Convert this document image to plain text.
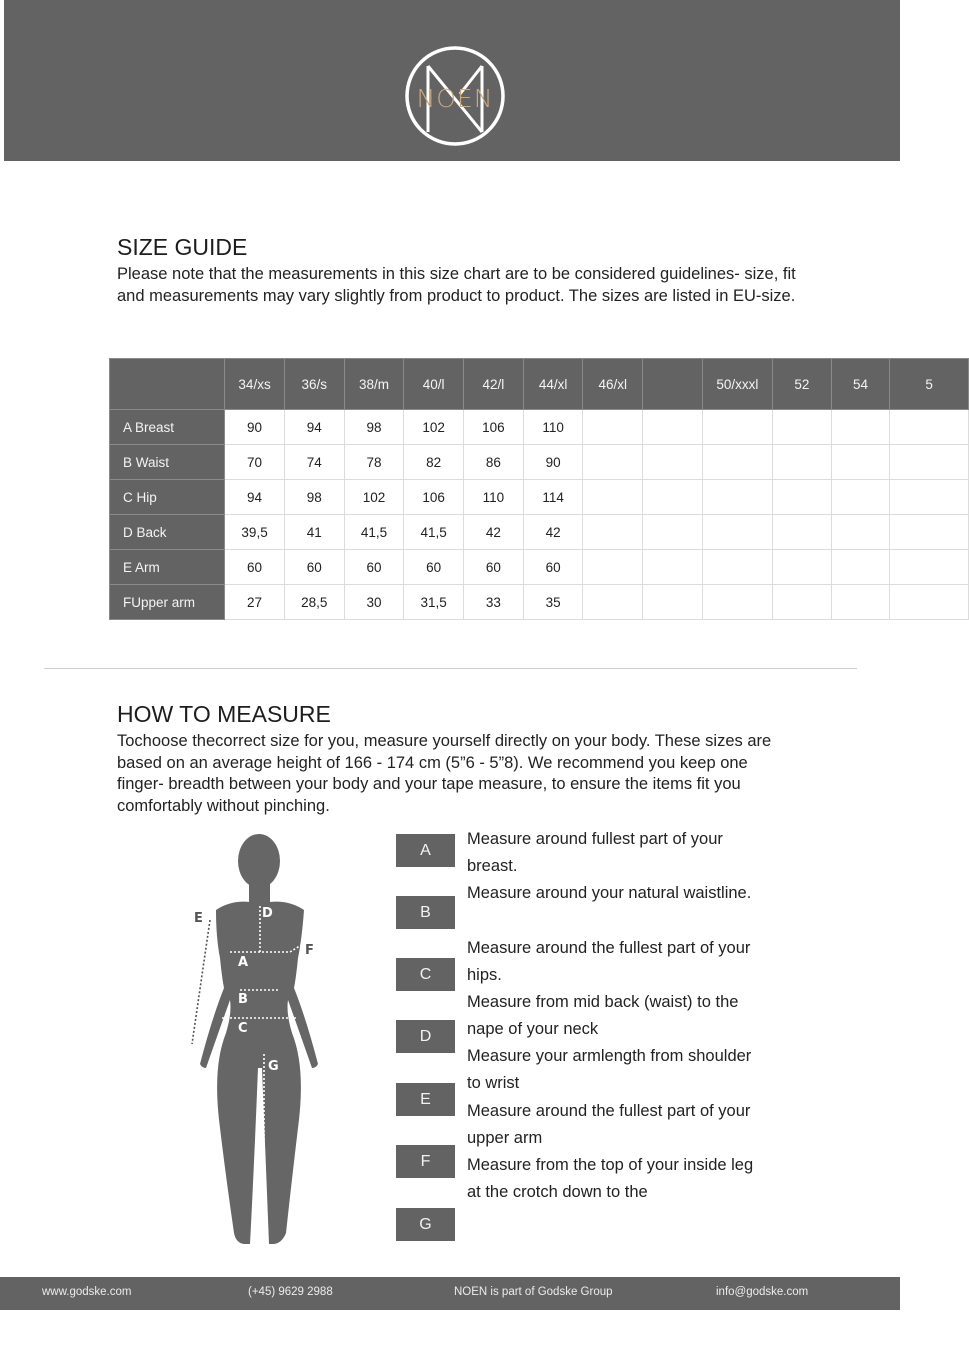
NOEN
SIZE GUIDE

Please note that the measurements in this size chart are to be considered guidelines- size, fit and measurements may vary slightly from product to product. The sizes are listed in EU-size.

	34/xs	36/s	38/m	40/l	42/l	44/xl	46/xl		50/xxxl	52	54	5
A Breast	90	94	98	102	106	110						
B Waist	70	74	78	82	86	90						
C Hip	94	98	102	106	110	114						
D Back	39,5	41	41,5	41,5	42	42						
E Arm	60	60	60	60	60	60						
FUpper arm	27	28,5	30	31,5	33	35						
HOW TO MEASURE

Tochoose thecorrect size for you, measure yourself directly on your body. These sizes are based on an average height of 166 - 174 cm (5”6 - 5”8). We recommend you keep one finger- breadth between your body and your tape measure, to ensure the items fit you comfortably without pinching.

A
B
C
D
E
F
G
A
B
C
D
E
F
G

Measure around fullest part of your breast.

Measure around your natural waistline.

Measure around the fullest part of your hips.

Measure from mid back (waist) to the nape of your neck

Measure your armlength from shoulder to wrist

Measure around the fullest part of your upper arm

Measure from the top of your inside leg at the crotch down to the

www.godske.com	(+45) 9629 2988	NOEN is part of Godske Group	info@godske.com
